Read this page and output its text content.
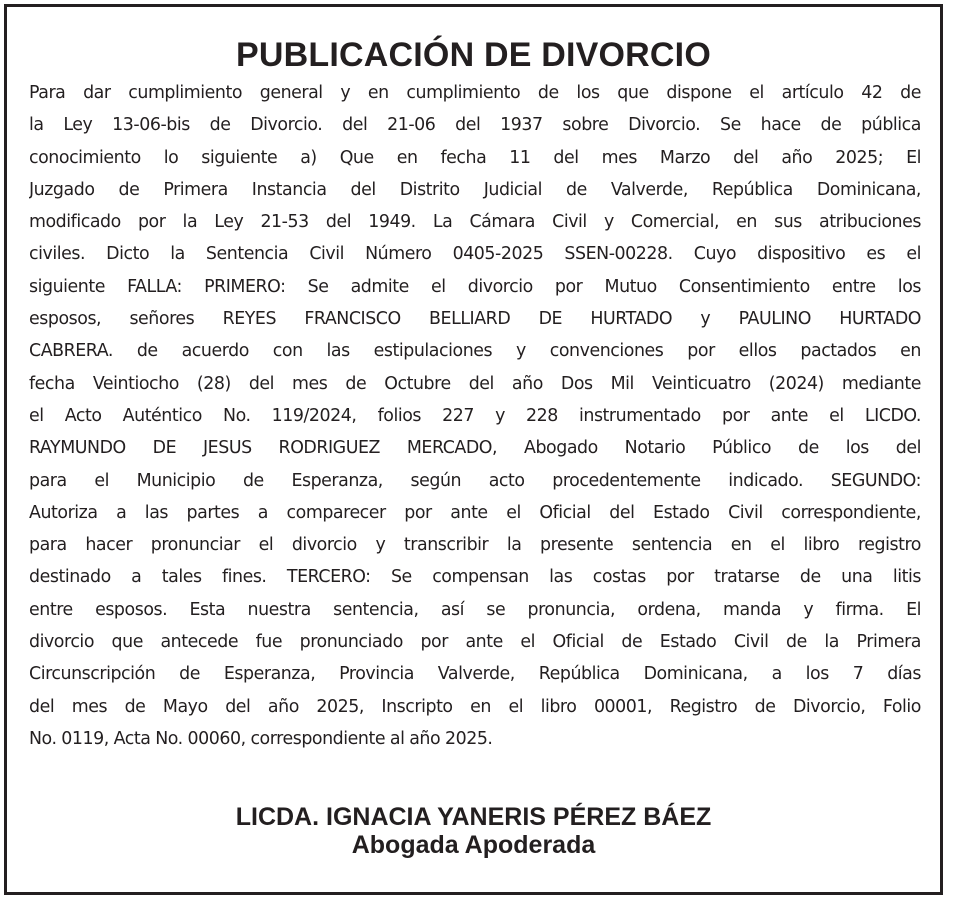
PUBLICACIÓN DE DIVORCIO
Para dar cumplimiento general y en cumplimiento de los que dispone el artículo 42 de
la Ley 13-06-bis de Divorcio. del 21-06 del 1937 sobre Divorcio. Se hace de pública
conocimiento lo siguiente a) Que en fecha 11 del mes Marzo del año 2025; El
Juzgado de Primera Instancia del Distrito Judicial de Valverde, República Dominicana,
modificado por la Ley 21-53 del 1949. La Cámara Civil y Comercial, en sus atribuciones
civiles. Dicto la Sentencia Civil Número 0405-2025 SSEN-00228. Cuyo dispositivo es el
siguiente FALLA: PRIMERO: Se admite el divorcio por Mutuo Consentimiento entre los
esposos, señores REYES FRANCISCO BELLIARD DE HURTADO y PAULINO HURTADO
CABRERA. de acuerdo con las estipulaciones y convenciones por ellos pactados en
fecha Veintiocho (28) del mes de Octubre del año Dos Mil Veinticuatro (2024) mediante
el Acto Auténtico No. 119/2024, folios 227 y 228 instrumentado por ante el LICDO.
RAYMUNDO DE JESUS RODRIGUEZ MERCADO, Abogado Notario Público de los del
para el Municipio de Esperanza, según acto procedentemente indicado. SEGUNDO:
Autoriza a las partes a comparecer por ante el Oficial del Estado Civil correspondiente,
para hacer pronunciar el divorcio y transcribir la presente sentencia en el libro registro
destinado a tales fines. TERCERO: Se compensan las costas por tratarse de una litis
entre esposos. Esta nuestra sentencia, así se pronuncia, ordena, manda y firma. El
divorcio que antecede fue pronunciado por ante el Oficial de Estado Civil de la Primera
Circunscripción de Esperanza, Provincia Valverde, República Dominicana, a los 7 días
del mes de Mayo del año 2025, Inscripto en el libro 00001, Registro de Divorcio, Folio
No. 0119, Acta No. 00060, correspondiente al año 2025.
LICDA. IGNACIA YANERIS PÉREZ BÁEZ
Abogada Apoderada
